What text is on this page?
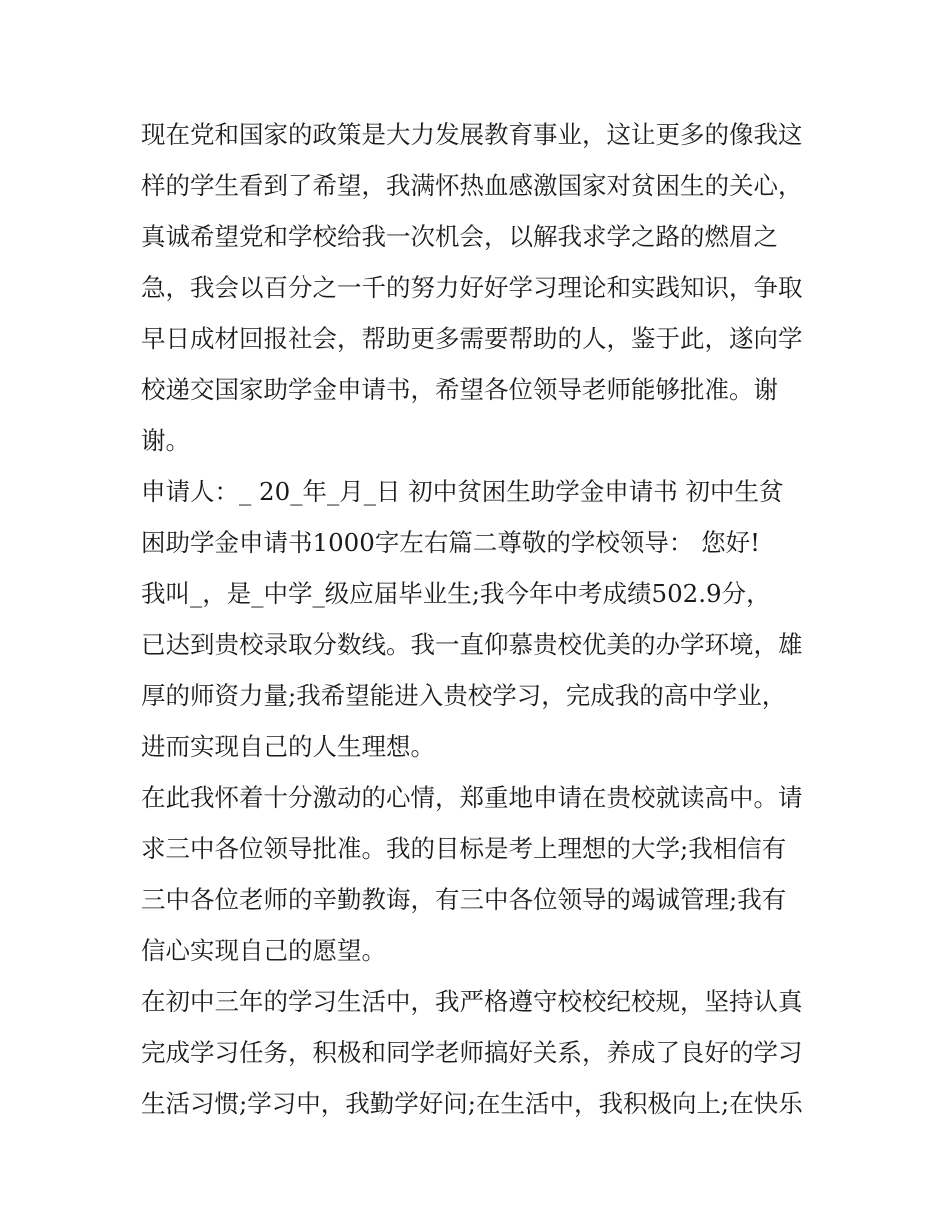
现在党和国家的政策是大力发展教育事业，这让更多的像我这
样的学生看到了希望，我满怀热血感激国家对贫困生的关心，
真诚希望党和学校给我一次机会，以解我求学之路的燃眉之
急，我会以百分之一千的努力好好学习理论和实践知识，争取
早日成材回报社会，帮助更多需要帮助的人，鉴于此，遂向学
校递交国家助学金申请书，希望各位领导老师能够批准。谢
谢。
申请人：_ 20_年_月_日 初中贫困生助学金申请书 初中生贫
困助学金申请书1000字左右篇二尊敬的学校领导： 您好!
我叫_，是_中学_级应届毕业生;我今年中考成绩502.9分，
已达到贵校录取分数线。我一直仰慕贵校优美的办学环境，雄
厚的师资力量;我希望能进入贵校学习，完成我的高中学业，
进而实现自己的人生理想。
在此我怀着十分激动的心情，郑重地申请在贵校就读高中。请
求三中各位领导批准。我的目标是考上理想的大学;我相信有
三中各位老师的辛勤教诲，有三中各位领导的竭诚管理;我有
信心实现自己的愿望。
在初中三年的学习生活中，我严格遵守校校纪校规，坚持认真
完成学习任务，积极和同学老师搞好关系，养成了良好的学习
生活习惯;学习中，我勤学好问;在生活中，我积极向上;在快乐
